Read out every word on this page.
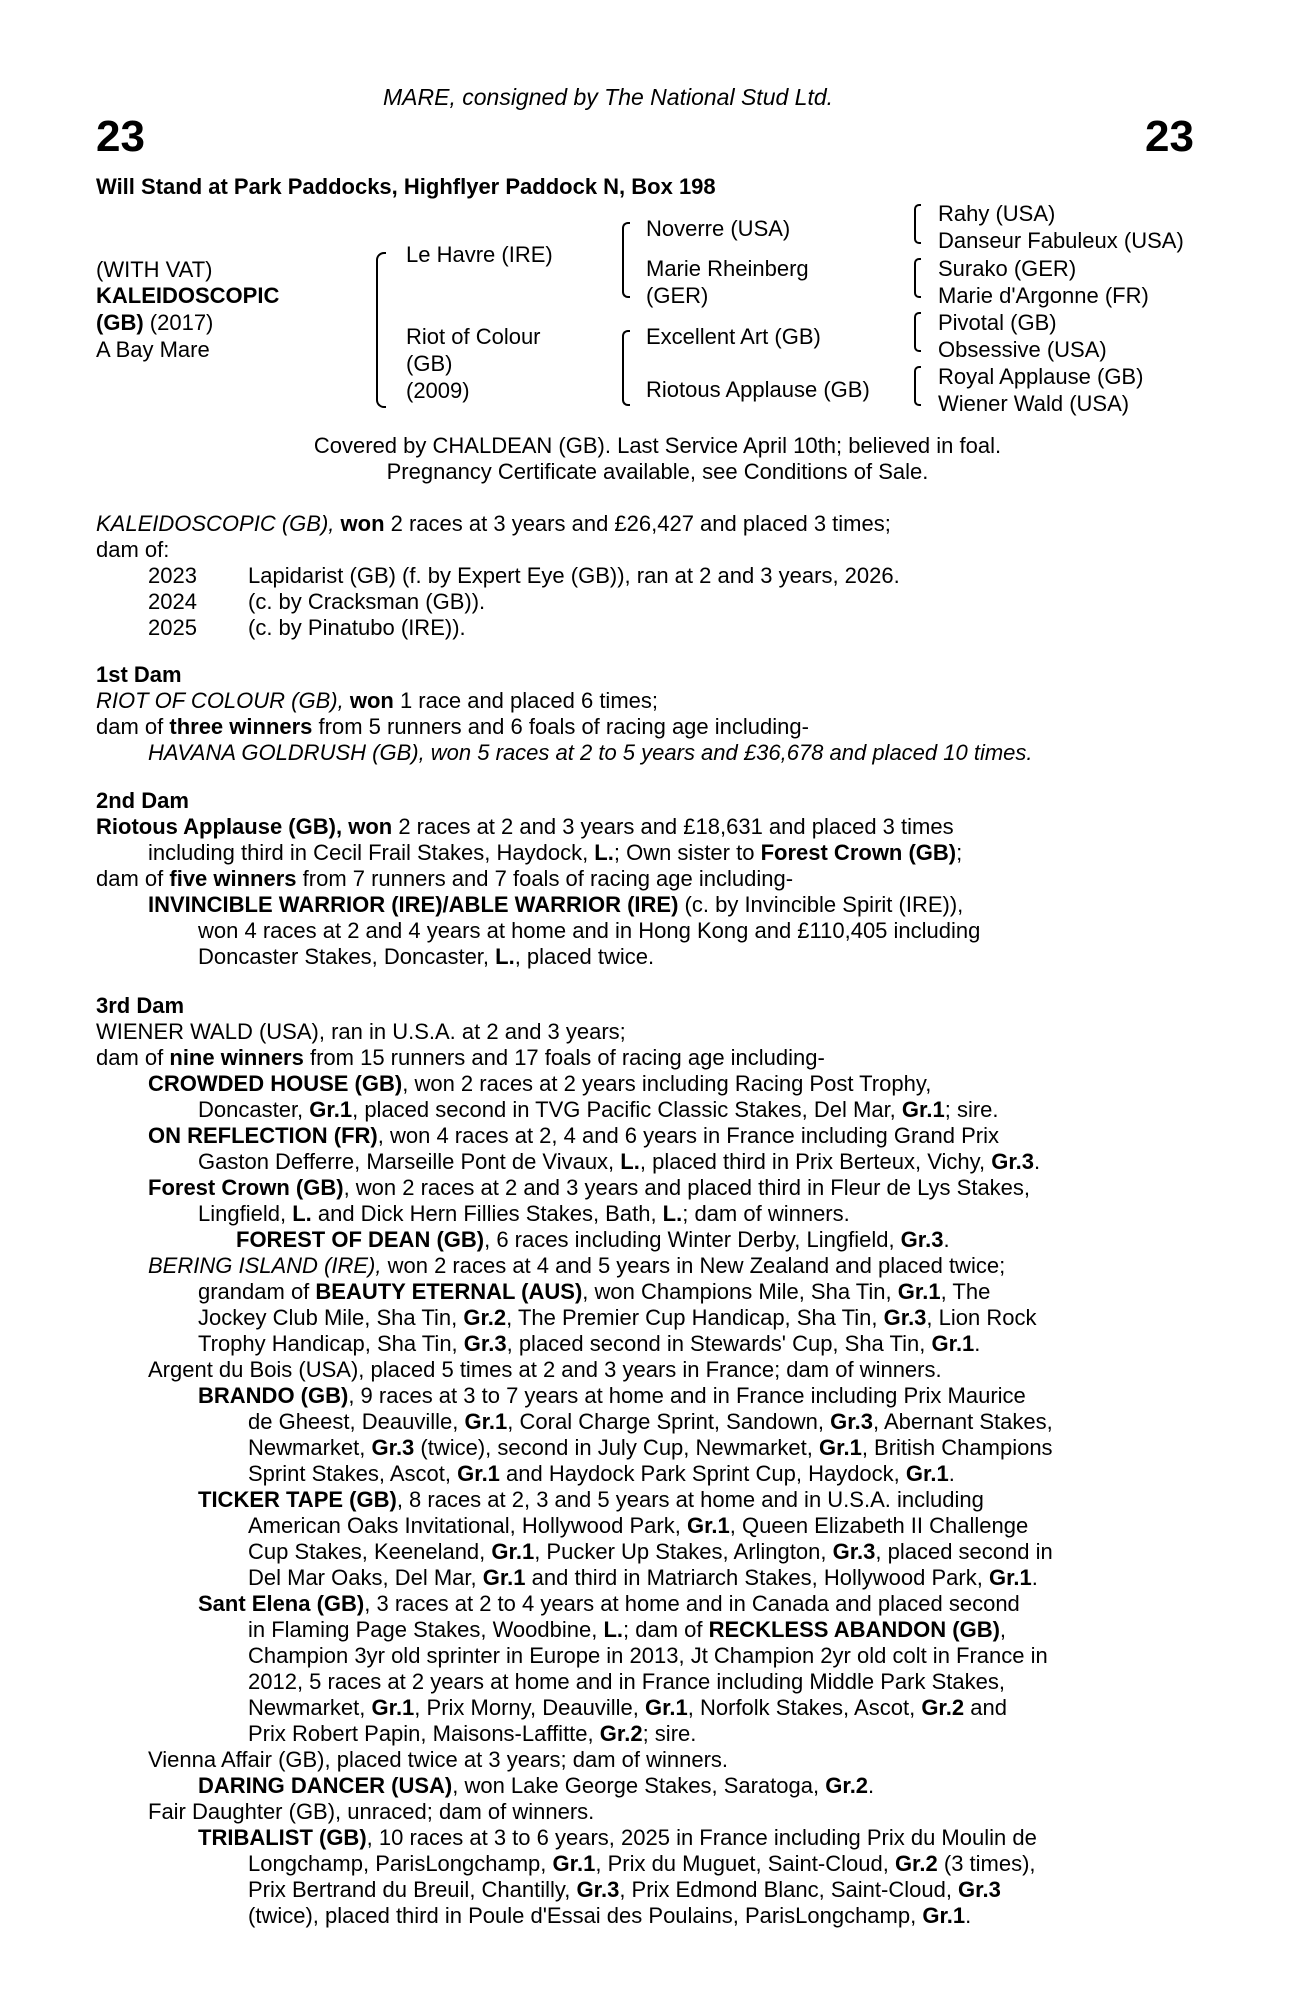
MARE, consigned by The National Stud Ltd.
23	23
Will Stand at Park Paddocks, Highflyer Paddock N, Box 198
(WITH VAT)
KALEIDOSCOPIC
(GB) (2017)
A Bay Mare
Le Havre (IRE)
Riot of Colour
(GB)
(2009)
Noverre (USA)
Marie Rheinberg
(GER)
Excellent Art (GB)
Riotous Applause (GB)
Rahy (USA)
Danseur Fabuleux (USA)
Surako (GER)
Marie d'Argonne (FR)
Pivotal (GB)
Obsessive (USA)
Royal Applause (GB)
Wiener Wald (USA)
Covered by CHALDEAN (GB). Last Service April 10th; believed in foal.
Pregnancy Certificate available, see Conditions of Sale.
KALEIDOSCOPIC (GB), won 2 races at 3 years and £26,427 and placed 3 times;
dam of:
2023 Lapidarist (GB) (f. by Expert Eye (GB)), ran at 2 and 3 years, 2026.
2024 (c. by Cracksman (GB)).
2025 (c. by Pinatubo (IRE)).
1st Dam
RIOT OF COLOUR (GB), won 1 race and placed 6 times;
dam of three winners from 5 runners and 6 foals of racing age including-
HAVANA GOLDRUSH (GB), won 5 races at 2 to 5 years and £36,678 and placed 10 times.
2nd Dam
Riotous Applause (GB), won 2 races at 2 and 3 years and £18,631 and placed 3 times
including third in Cecil Frail Stakes, Haydock, L.; Own sister to Forest Crown (GB);
dam of five winners from 7 runners and 7 foals of racing age including-
INVINCIBLE WARRIOR (IRE)/ABLE WARRIOR (IRE) (c. by Invincible Spirit (IRE)),
won 4 races at 2 and 4 years at home and in Hong Kong and £110,405 including
Doncaster Stakes, Doncaster, L., placed twice.
3rd Dam
WIENER WALD (USA), ran in U.S.A. at 2 and 3 years;
dam of nine winners from 15 runners and 17 foals of racing age including-
CROWDED HOUSE (GB), won 2 races at 2 years including Racing Post Trophy,
Doncaster, Gr.1, placed second in TVG Pacific Classic Stakes, Del Mar, Gr.1; sire.
ON REFLECTION (FR), won 4 races at 2, 4 and 6 years in France including Grand Prix
Gaston Defferre, Marseille Pont de Vivaux, L., placed third in Prix Berteux, Vichy, Gr.3.
Forest Crown (GB), won 2 races at 2 and 3 years and placed third in Fleur de Lys Stakes,
Lingfield, L. and Dick Hern Fillies Stakes, Bath, L.; dam of winners.
FOREST OF DEAN (GB), 6 races including Winter Derby, Lingfield, Gr.3.
BERING ISLAND (IRE), won 2 races at 4 and 5 years in New Zealand and placed twice;
grandam of BEAUTY ETERNAL (AUS), won Champions Mile, Sha Tin, Gr.1, The
Jockey Club Mile, Sha Tin, Gr.2, The Premier Cup Handicap, Sha Tin, Gr.3, Lion Rock
Trophy Handicap, Sha Tin, Gr.3, placed second in Stewards' Cup, Sha Tin, Gr.1.
Argent du Bois (USA), placed 5 times at 2 and 3 years in France; dam of winners.
BRANDO (GB), 9 races at 3 to 7 years at home and in France including Prix Maurice
de Gheest, Deauville, Gr.1, Coral Charge Sprint, Sandown, Gr.3, Abernant Stakes,
Newmarket, Gr.3 (twice), second in July Cup, Newmarket, Gr.1, British Champions
Sprint Stakes, Ascot, Gr.1 and Haydock Park Sprint Cup, Haydock, Gr.1.
TICKER TAPE (GB), 8 races at 2, 3 and 5 years at home and in U.S.A. including
American Oaks Invitational, Hollywood Park, Gr.1, Queen Elizabeth II Challenge
Cup Stakes, Keeneland, Gr.1, Pucker Up Stakes, Arlington, Gr.3, placed second in
Del Mar Oaks, Del Mar, Gr.1 and third in Matriarch Stakes, Hollywood Park, Gr.1.
Sant Elena (GB), 3 races at 2 to 4 years at home and in Canada and placed second
in Flaming Page Stakes, Woodbine, L.; dam of RECKLESS ABANDON (GB),
Champion 3yr old sprinter in Europe in 2013, Jt Champion 2yr old colt in France in
2012, 5 races at 2 years at home and in France including Middle Park Stakes,
Newmarket, Gr.1, Prix Morny, Deauville, Gr.1, Norfolk Stakes, Ascot, Gr.2 and
Prix Robert Papin, Maisons-Laffitte, Gr.2; sire.
Vienna Affair (GB), placed twice at 3 years; dam of winners.
DARING DANCER (USA), won Lake George Stakes, Saratoga, Gr.2.
Fair Daughter (GB), unraced; dam of winners.
TRIBALIST (GB), 10 races at 3 to 6 years, 2025 in France including Prix du Moulin de
Longchamp, ParisLongchamp, Gr.1, Prix du Muguet, Saint-Cloud, Gr.2 (3 times),
Prix Bertrand du Breuil, Chantilly, Gr.3, Prix Edmond Blanc, Saint-Cloud, Gr.3
(twice), placed third in Poule d'Essai des Poulains, ParisLongchamp, Gr.1.
